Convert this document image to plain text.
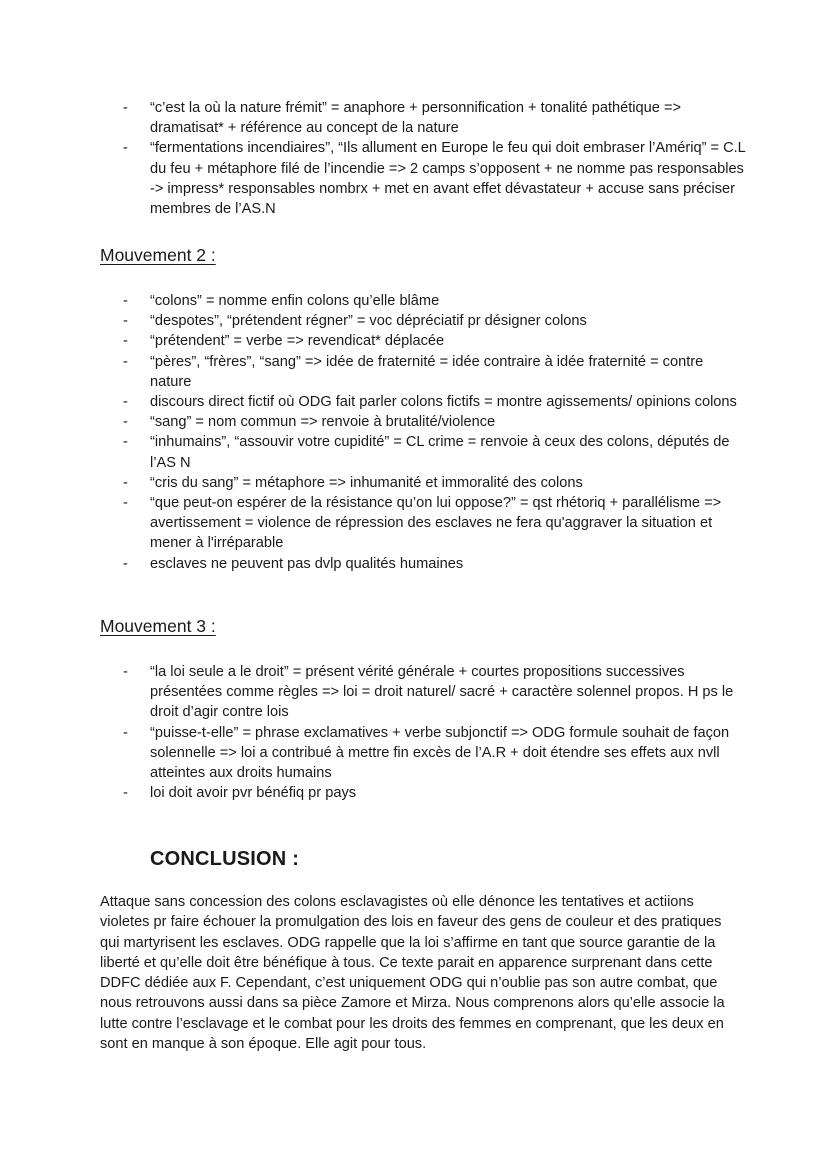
-	“c’est la où la nature frémit” = anaphore + personnification + tonalité pathétique => dramatisat* + référence au concept de la nature
-	“fermentations incendiaires”, “Ils allument en Europe le feu qui doit embraser l’Amériq” = C.L du feu + métaphore filé de l’incendie => 2 camps s’opposent + ne nomme pas responsables -> impress* responsables nombrx + met en avant effet dévastateur + accuse sans préciser membres de l’AS.N
Mouvement 2 :
-	“colons” = nomme enfin colons qu’elle blâme
-	“despotes”, “prétendent régner” = voc dépréciatif pr désigner colons
-	“prétendent” = verbe => revendicat* déplacée
-	“pères”, “frères”, “sang” => idée de fraternité = idée contraire à idée fraternité = contre nature
-	discours direct fictif où ODG fait parler colons fictifs = montre agissements/ opinions colons
-	“sang” = nom commun => renvoie à brutalité/violence
-	“inhumains”, “assouvir votre cupidité” = CL crime = renvoie à ceux des colons, députés de l’AS N
-	“cris du sang” = métaphore => inhumanité et immoralité des colons
-	“que peut-on espérer de la résistance qu’on lui oppose?” = qst rhétoriq + parallélisme => avertissement = violence de répression des esclaves ne fera qu'aggraver la situation et mener à l'irréparable
-	esclaves ne peuvent pas dvlp qualités humaines
Mouvement 3 :
-	“la loi seule a le droit” = présent vérité générale + courtes propositions successives présentées comme règles => loi = droit naturel/ sacré + caractère solennel propos. H ps le droit d’agir contre lois
-	“puisse-t-elle” = phrase exclamatives + verbe subjonctif => ODG formule souhait de façon solennelle => loi a contribué à mettre fin excès de l’A.R + doit étendre ses effets aux nvll atteintes aux droits humains
-	loi doit avoir pvr bénéfiq pr pays
CONCLUSION :
Attaque sans concession des colons esclavagistes où elle dénonce les tentatives et actiions violetes pr faire échouer la promulgation des lois en faveur des gens de couleur et des pratiques qui martyrisent les esclaves. ODG rappelle que la loi s’affirme en tant que source garantie de la liberté et qu’elle doit être bénéfique à tous. Ce texte parait en apparence surprenant dans cette DDFC dédiée aux F. Cependant, c’est uniquement ODG qui n’oublie pas son autre combat, que nous retrouvons aussi dans sa pièce Zamore et Mirza. Nous comprenons alors qu’elle associe la lutte contre l’esclavage et le combat pour les droits des femmes en comprenant, que les deux en sont en manque à son époque. Elle agit pour tous.
